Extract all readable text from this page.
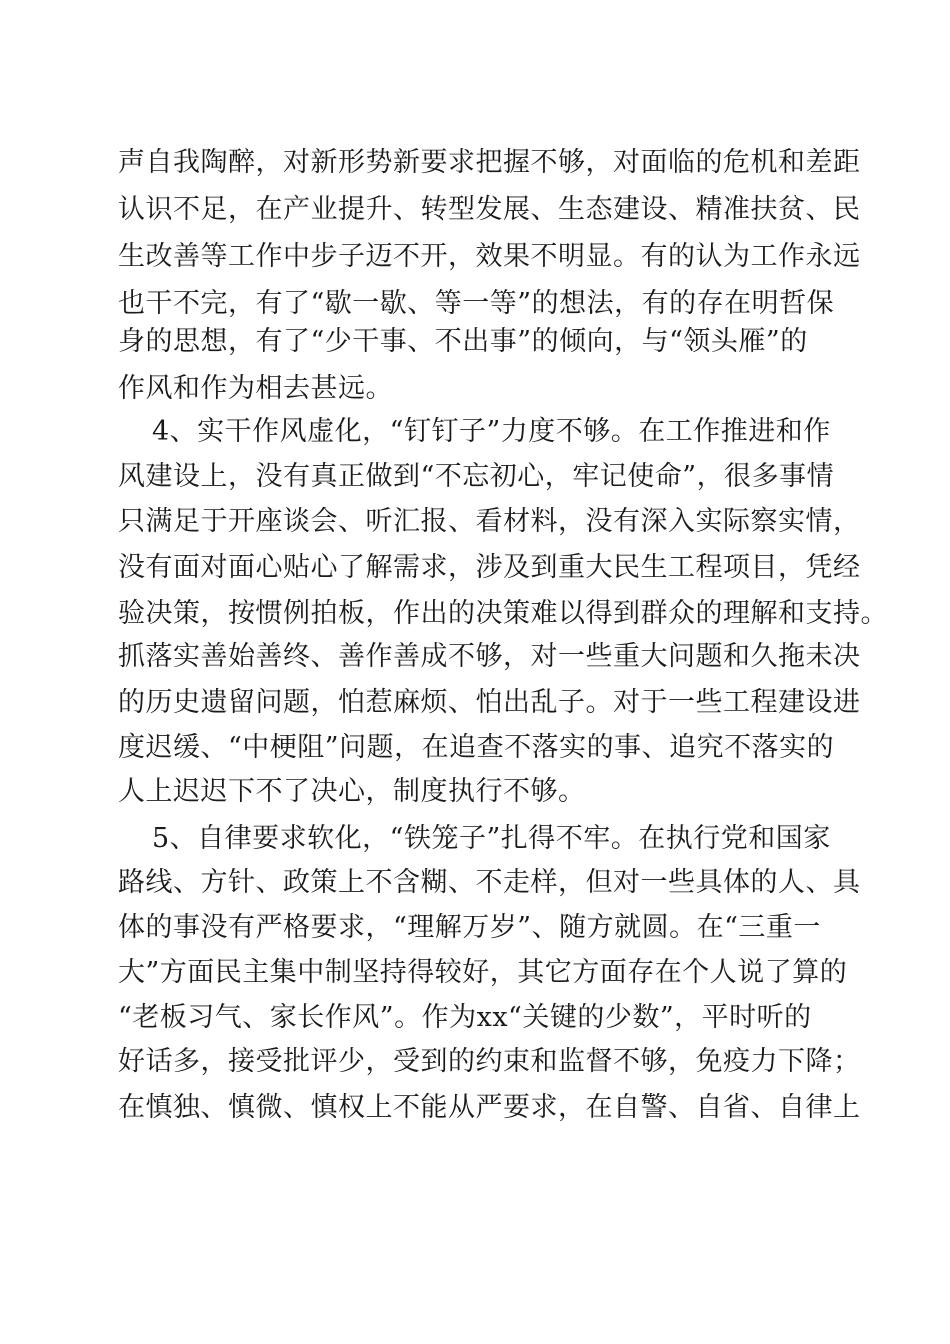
声自我陶醉，对新形势新要求把握不够，对面临的危机和差距
认识不足，在产业提升、转型发展、生态建设、精准扶贫、民
生改善等工作中步子迈不开，效果不明显。有的认为工作永远
也干不完，有了“歇一歇、等一等”的想法，有的存在明哲保
身的思想，有了“少干事、不出事”的倾向，与“领头雁”的
作风和作为相去甚远。
4、实干作风虚化，“钉钉子”力度不够。在工作推进和作
风建设上，没有真正做到“不忘初心，牢记使命”，很多事情
只满足于开座谈会、听汇报、看材料，没有深入实际察实情，
没有面对面心贴心了解需求，涉及到重大民生工程项目，凭经
验决策，按惯例拍板，作出的决策难以得到群众的理解和支持。
抓落实善始善终、善作善成不够，对一些重大问题和久拖未决
的历史遗留问题，怕惹麻烦、怕出乱子。对于一些工程建设进
度迟缓、“中梗阻”问题，在追查不落实的事、追究不落实的
人上迟迟下不了决心，制度执行不够。
5、自律要求软化，“铁笼子”扎得不牢。在执行党和国家
路线、方针、政策上不含糊、不走样，但对一些具体的人、具
体的事没有严格要求，“理解万岁”、随方就圆。在“三重一
大”方面民主集中制坚持得较好，其它方面存在个人说了算的
“老板习气、家长作风”。作为xx“关键的少数”，平时听的
好话多，接受批评少，受到的约束和监督不够，免疫力下降；
在慎独、慎微、慎权上不能从严要求，在自警、自省、自律上
